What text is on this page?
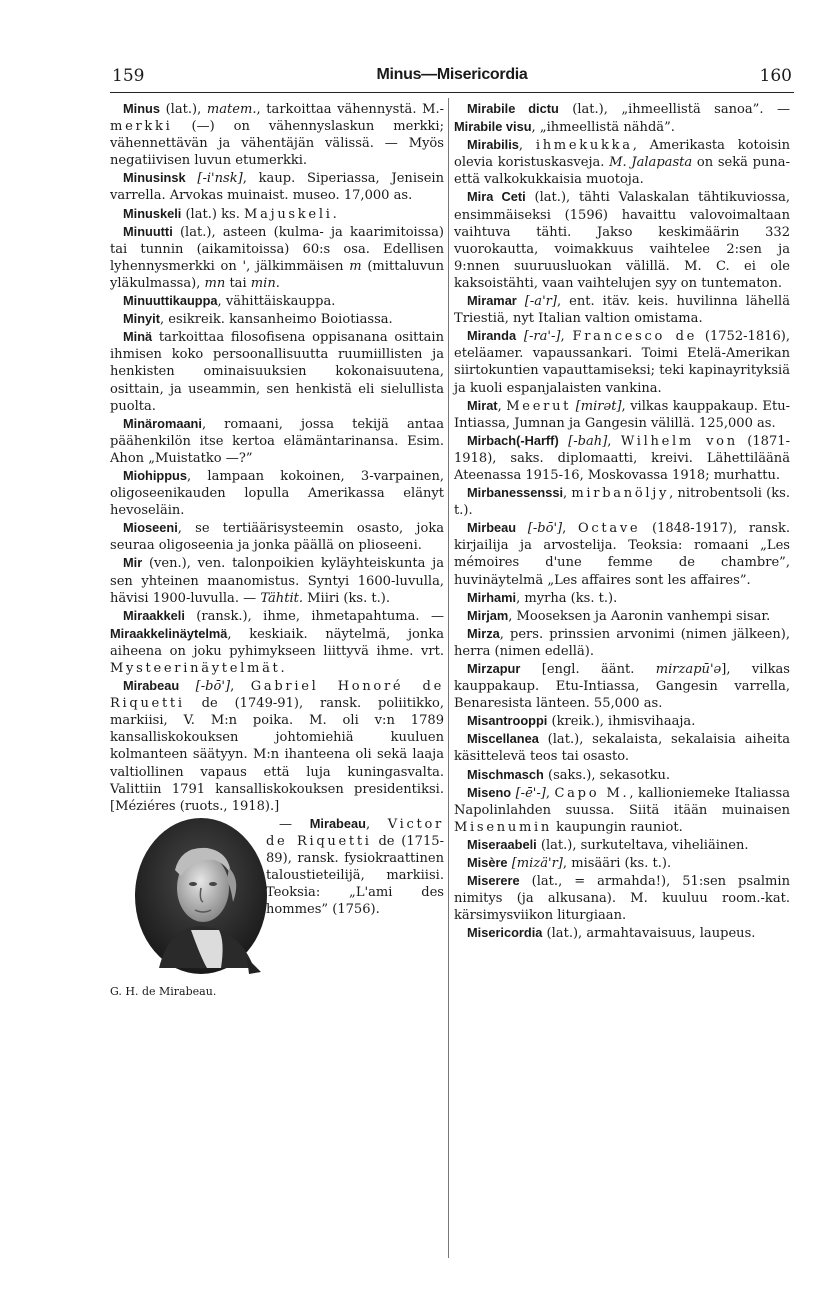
159	Minus—Misericordia	160

Minus (lat.), matem., tarkoittaa vähennystä. M.-merkki (—) on vähennyslaskun merkki; vähennettävän ja vähentäjän välissä. — Myös negatiivisen luvun etumerkki.

Minusinsk [-i'nsk], kaup. Siperiassa, Jenisein varrella. Arvokas muinaist. museo. 17,000 as.

Minuskeli (lat.) ks. Majuskeli.

Minuutti (lat.), asteen (kulma- ja kaarimitoissa) tai tunnin (aikamitoissa) 60:s osa. Edellisen lyhennysmerkki on ', jälkimmäisen m (mittaluvun yläkulmassa), mn tai min.

Minuuttikauppa, vähittäiskauppa.

Minyit, esikreik. kansanheimo Boiotiassa.

Minä tarkoittaa filosofisena oppisanana osittain ihmisen koko persoonallisuutta ruumiillisten ja henkisten ominaisuuksien kokonaisuutena, osittain, ja useammin, sen henkistä eli sielullista puolta.

Minäromaani, romaani, jossa tekijä antaa päähenkilön itse kertoa elämäntarinansa. Esim. Ahon „Muistatko —?”

Miohippus, lampaan kokoinen, 3-varpainen, oligoseenikauden lopulla Amerikassa elänyt hevoseläin.

Mioseeni, se tertiäärisysteemin osasto, joka seuraa oligoseenia ja jonka päällä on plioseeni.

Mir (ven.), ven. talonpoikien kyläyhteiskunta ja sen yhteinen maanomistus. Syntyi 1600-luvulla, hävisi 1900-luvulla. — Tähtit. Miiri (ks. t.).

Miraakkeli (ransk.), ihme, ihmetapahtuma. — Miraakkelinäytelmä, keskiaik. näytelmä, jonka aiheena on joku pyhimykseen liittyvä ihme. vrt. Mysteerinäytelmät.

Mirabeau [-bō'], Gabriel Honoré de Riquetti de (1749-91), ransk. poliitikko, markiisi, V. M:n poika. M. oli v:n 1789 kansalliskokouksen johtomiehiä kuuluen kolmanteen säätyyn. M:n ihanteena oli sekä laaja valtiollinen vapaus että luja kuningasvalta. Valittiin 1791 kansalliskokouksen presidentiksi. [Méziéres (ruots., 1918).]

G. H. de Mirabeau.
— Mirabeau, Victor de Riquetti de (1715-89), ransk. fysiokraattinen taloustieteilijä, markiisi. Teoksia: „L'ami des hommes” (1756).

Mirabile dictu (lat.), „ihmeellistä sanoa”. — Mirabile visu, „ihmeellistä nähdä”.

Mirabilis, ihmekukka, Amerikasta kotoisin olevia koristuskasveja. M. Jalapasta on sekä puna- että valkokukkaisia muotoja.

Mira Ceti (lat.), tähti Valaskalan tähtikuviossa, ensimmäiseksi (1596) havaittu valovoimaltaan vaihtuva tähti. Jakso keskimäärin 332 vuorokautta, voimakkuus vaihtelee 2:sen ja 9:nnen suuruusluokan välillä. M. C. ei ole kaksoistähti, vaan vaihtelujen syy on tuntematon.

Miramar [-a'r], ent. itäv. keis. huvilinna lähellä Triestiä, nyt Italian valtion omistama.

Miranda [-ra'-], Francesco de (1752-1816), eteläamer. vapaussankari. Toimi Etelä-Amerikan siirtokuntien vapauttamiseksi; teki kapinayrityksiä ja kuoli espanjalaisten vankina.

Mirat, Meerut [mirət], vilkas kauppakaup. Etu-Intiassa, Jumnan ja Gangesin välillä. 125,000 as.

Mirbach(-Harff) [-bah], Wilhelm von (1871-1918), saks. diplomaatti, kreivi. Lähettiläänä Ateenassa 1915-16, Moskovassa 1918; murhattu.

Mirbanessenssi, mirbanöljy, nitrobentsoli (ks. t.).

Mirbeau [-bō'], Octave (1848-1917), ransk. kirjailija ja arvostelija. Teoksia: romaani „Les mémoires d'une femme de chambre”, huvinäytelmä „Les affaires sont les affaires”.

Mirhami, myrha (ks. t.).

Mirjam, Mooseksen ja Aaronin vanhempi sisar.

Mirza, pers. prinssien arvonimi (nimen jälkeen), herra (nimen edellä).

Mirzapur [engl. äänt. mirzapū'ə], vilkas kauppakaup. Etu-Intiassa, Gangesin varrella, Benaresista länteen. 55,000 as.

Misantrooppi (kreik.), ihmisvihaaja.

Miscellanea (lat.), sekalaista, sekalaisia aiheita käsittelevä teos tai osasto.

Mischmasch (saks.), sekasotku.

Miseno [-ē'-], Capo M., kallioniemeke Italiassa Napolinlahden suussa. Siitä itään muinaisen Misenumin kaupungin rauniot.

Miseraabeli (lat.), surkuteltava, viheliäinen.

Misère [mizä'r], misääri (ks. t.).

Miserere (lat., = armahda!), 51:sen psalmin nimitys (ja alkusana). M. kuuluu room.-kat. kärsimysviikon liturgiaan.

Misericordia (lat.), armahtavaisuus, laupeus.
